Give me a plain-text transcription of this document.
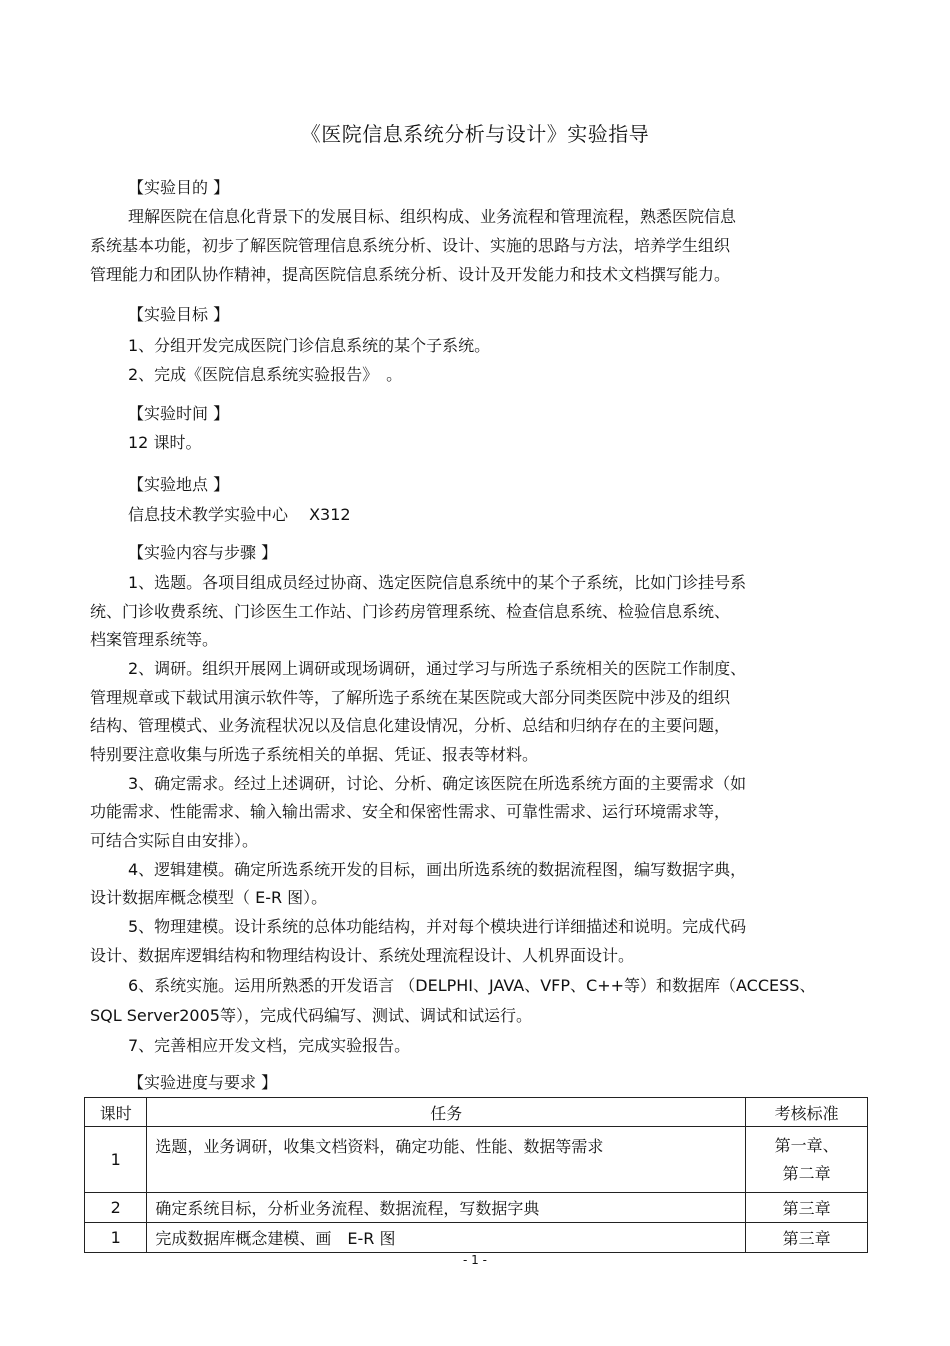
《医院信息系统分析与设计》实验指导
【实验目的 】
理解医院在信息化背景下的发展目标、组织构成、业务流程和管理流程，熟悉医院信息
系统基本功能，初步了解医院管理信息系统分析、设计、实施的思路与方法，培养学生组织
管理能力和团队协作精神，提高医院信息系统分析、设计及开发能力和技术文档撰写能力。
【实验目标 】
1、分组开发完成医院门诊信息系统的某个子系统。
2、完成《医院信息系统实验报告》　。
【实验时间 】
12 课时。
【实验地点 】
信息技术教学实验中心　 X312
【实验内容与步骤 】
1、选题。各项目组成员经过协商、选定医院信息系统中的某个子系统，比如门诊挂号系
统、门诊收费系统、门诊医生工作站、门诊药房管理系统、检查信息系统、检验信息系统、
档案管理系统等。
2、调研。组织开展网上调研或现场调研，通过学习与所选子系统相关的医院工作制度、
管理规章或下载试用演示软件等，了解所选子系统在某医院或大部分同类医院中涉及的组织
结构、管理模式、业务流程状况以及信息化建设情况，分析、总结和归纳存在的主要问题，
特别要注意收集与所选子系统相关的单据、凭证、报表等材料。
3、确定需求。经过上述调研，讨论、分析、确定该医院在所选系统方面的主要需求（如
功能需求、性能需求、输入输出需求、安全和保密性需求、可靠性需求、运行环境需求等，
可结合实际自由安排）。
4、逻辑建模。确定所选系统开发的目标，画出所选系统的数据流程图，编写数据字典，
设计数据库概念模型（ E-R 图）。
5、物理建模。设计系统的总体功能结构，并对每个模块进行详细描述和说明。完成代码
设计、数据库逻辑结构和物理结构设计、系统处理流程设计、人机界面设计。
6、系统实施。运用所熟悉的开发语言 （DELPHI、JAVA、VFP、C++等）和数据库（ACCESS、
SQL Server2005等），完成代码编写、测试、调试和试运行。
7、完善相应开发文档，完成实验报告。
【实验进度与要求 】
课时	任务	考核标准
1	选题，业务调研，收集文档资料，确定功能、性能、数据等需求	第一章、
第二章

2	确定系统目标，分析业务流程、数据流程，写数据字典	第三章
1	完成数据库概念建模、画　E-R 图	第三章
- 1 -
